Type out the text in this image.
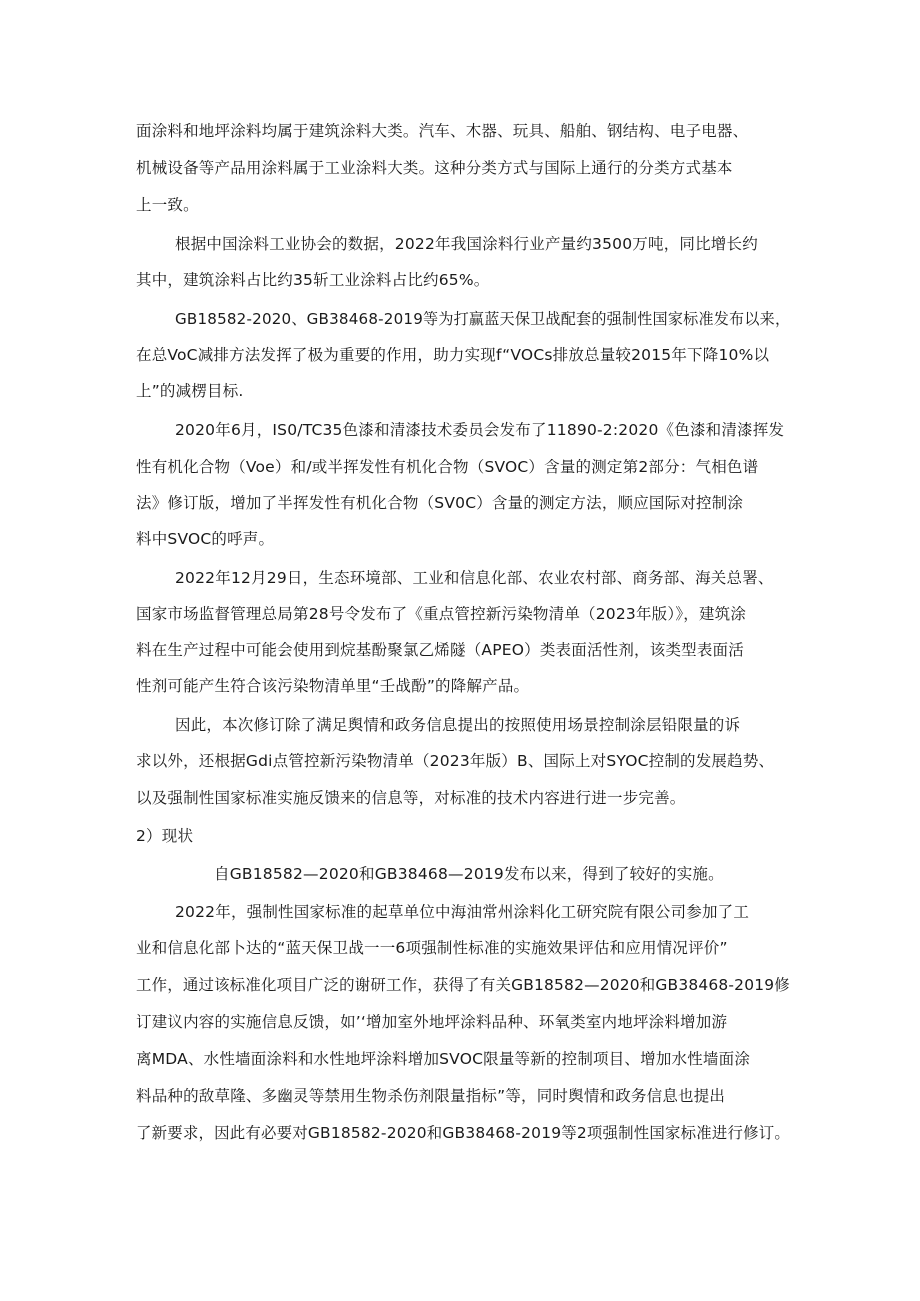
面涂料和地坪涂料均属于建筑涂料大类。汽车、木器、玩具、船舶、钢结构、电子电器、
机械设备等产品用涂料属于工业涂料大类。这种分类方式与国际上通行的分类方式基本
上一致。
根据中国涂料工业协会的数据，2022年我国涂料行业产量约3500万吨，同比增长约
其中，建筑涂料占比约35斩工业涂料占比约65%。
GB18582-2020、GB38468-2019等为打赢蓝天保卫战配套的强制性国家标准发布以来，
在总VoC减排方法发挥了极为重要的作用，助力实现f“VOCs排放总量较2015年下降10%以
上”的减楞目标.
2020年6月，IS0/TC35色漆和清漆技术委员会发布了11890-2:2020《色漆和清漆挥发
性有机化合物（Voe）和/或半挥发性有机化合物（SVOC）含量的测定第2部分：气相色谱
法》修订版，增加了半挥发性有机化合物（SV0C）含量的测定方法，顺应国际对控制涂
料中SVOC的呼声。
2022年12月29日，生态环境部、工业和信息化部、农业农村部、商务部、海关总署、
国家市场监督管理总局第28号令发布了《重点管控新污染物清单（2023年版）》，建筑涂
料在生产过程中可能会使用到烷基酚聚氯乙烯隧（APEO）类表面活性剂，该类型表面活
性剂可能产生符合该污染物清单里“壬战酚”的降解产品。
因此，本次修订除了满足舆情和政务信息提出的按照使用场景控制涂层铅限量的诉
求以外，还根据Gdi点管控新污染物清单（2023年版）B、国际上对SYOC控制的发展趋势、
以及强制性国家标准实施反馈来的信息等，对标准的技术内容进行进一步完善。
2）现状
自GB18582—2020和GB38468—2019发布以来，得到了较好的实施。
2022年，强制性国家标准的起草单位中海油常州涂料化工研究院有限公司参加了工
业和信息化部卜达的“蓝天保卫战一一6项强制性标准的实施效果评估和应用情况评价”
工作，通过该标准化项目广泛的谢研工作，获得了有关GB18582—2020和GB38468-2019修
订建议内容的实施信息反馈，如’‘增加室外地坪涂料品种、环氧类室内地坪涂料增加游
离MDA、水性墙面涂料和水性地坪涂料增加SVOC限量等新的控制项目、增加水性墙面涂
料品种的敌草隆、多幽灵等禁用生物杀伤剂限量指标”等，同时舆情和政务信息也提出
了新要求，因此有必要对GB18582-2020和GB38468-2019等2项强制性国家标准进行修订。
